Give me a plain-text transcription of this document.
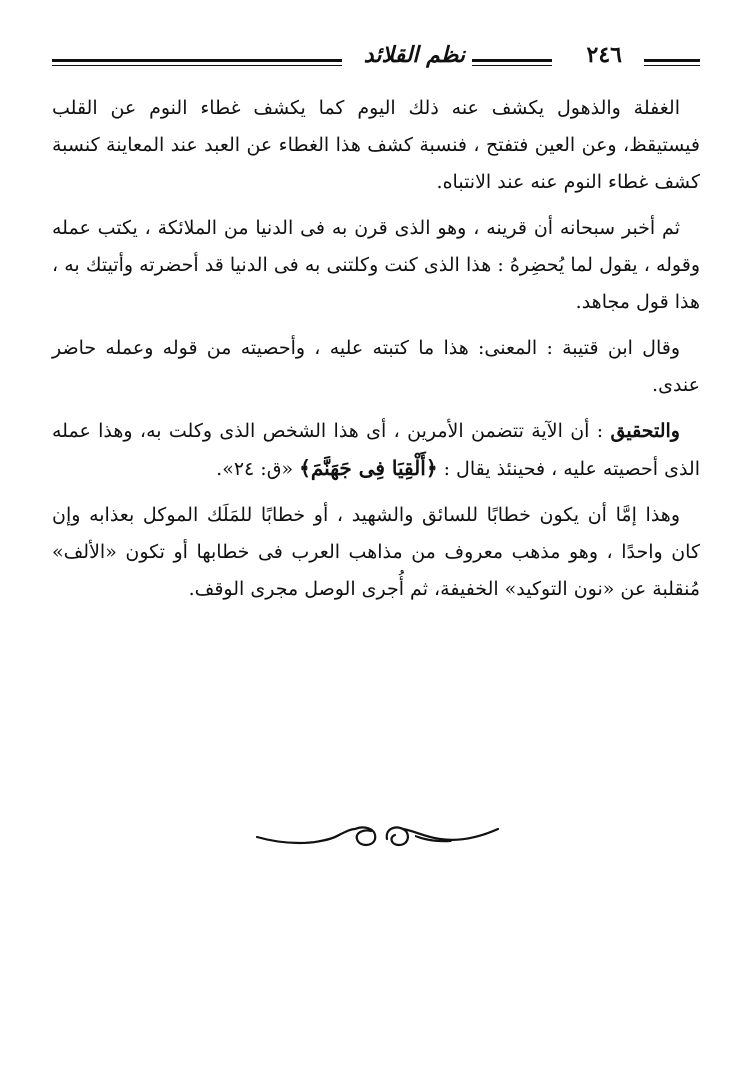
٢٤٦
نظم القلائد

الغفلة والذهول يكشف عنه ذلك اليوم كما يكشف غطاء النوم عن القلب فيستيقظ، وعن العين فتفتح ، فنسبة كشف هذا الغطاء عن العبد عند المعاينة كنسبة كشف غطاء النوم عنه عند الانتباه.

ثم أخبر سبحانه أن قرينه ، وهو الذى قرن به فى الدنيا من الملائكة ، يكتب عمله وقوله ، يقول لما يُحضِرهُ : هذا الذى كنت وكلتنى به فى الدنيا قد أحضرته وأتيتك به ، هذا قول مجاهد.

وقال ابن قتيبة : المعنى: هذا ما كتبته عليه ، وأحصيته من قوله وعمله حاضر عندى.

والتحقيق : أن الآية تتضمن الأمرين ، أى هذا الشخص الذى وكلت به، وهذا عمله الذى أحصيته عليه ، فحينئذ يقال : ﴿أَلْقِيَا فِى جَهَنَّمَ﴾ «ق: ٢٤».

وهذا إمَّا أن يكون خطابًا للسائق والشهيد ، أو خطابًا للمَلَك الموكل بعذابه وإن كان واحدًا ، وهو مذهب معروف من مذاهب العرب فى خطابها أو تكون «الألف» مُنقلبة عن «نون التوكيد» الخفيفة، ثم أُجرى الوصل مجرى الوقف.
